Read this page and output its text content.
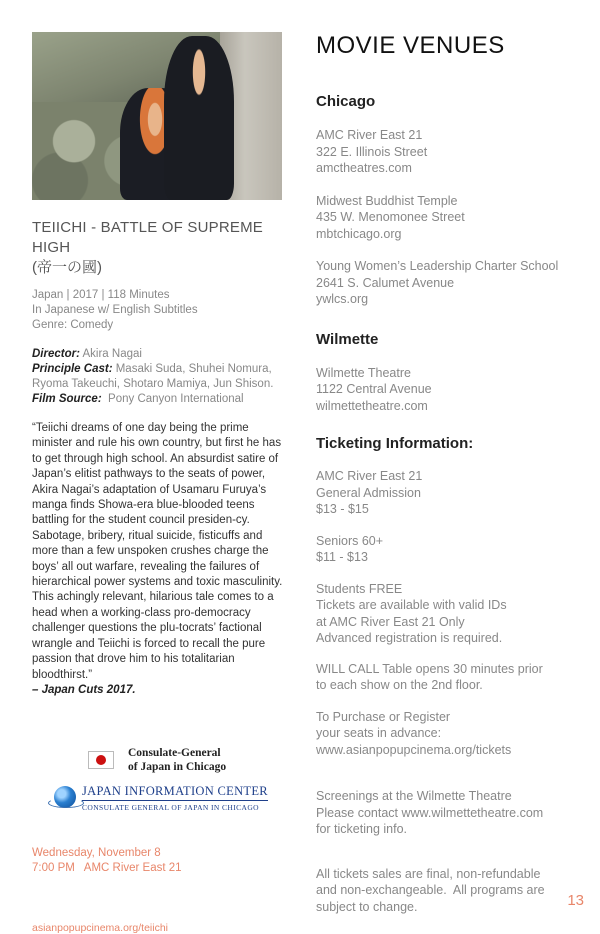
TEIICHI - BATTLE OF SUPREME HIGH
(帝一の國)
Japan | 2017 | 118 Minutes
In Japanese w/ English Subtitles
Genre: Comedy
Director: Akira Nagai
Principle Cast: Masaki Suda, Shuhei Nomura, Ryoma Takeuchi, Shotaro Mamiya, Jun Shison.
Film Source:  Pony Canyon International
“Teiichi dreams of one day being the prime minister and rule his own country, but first he has to get through high school. An absurdist satire of Japan’s elitist pathways to the seats of power, Akira Nagai’s adaptation of Usamaru Furuya’s manga finds Showa-era blue-blooded teens battling for the student council presiden-cy. Sabotage, bribery, ritual suicide, fisticuffs and more than a few unspoken crushes charge the boys’ all out warfare, revealing the failures of hierarchical power systems and toxic masculinity. This achingly relevant, hilarious tale comes to a head when a working-class pro-democracy challenger questions the plu-tocrats’ factional wrangle and Teiichi is forced to recall the pure passion that drove him to his totalitarian bloodthirst.”
– Japan Cuts 2017.
Consulate-General
of Japan in Chicago
JAPAN INFORMATION CENTER
CONSULATE GENERAL OF JAPAN IN CHICAGO
Wednesday, November 8
7:00 PM   AMC River East 21
asianpopupcinema.org/teiichi
MOVIE VENUES
Chicago
AMC River East 21
322 E. Illinois Street
amctheatres.com
Midwest Buddhist Temple
435 W. Menomonee Street
mbtchicago.org
Young Women’s Leadership Charter School
2641 S. Calumet Avenue
ywlcs.org
Wilmette
Wilmette Theatre
1122 Central Avenue
wilmettetheatre.com
Ticketing Information:
AMC River East 21
General Admission
$13 - $15
Seniors 60+
$11 - $13
Students FREE
Tickets are available with valid IDs
at AMC River East 21 Only
Advanced registration is required.
WILL CALL Table opens 30 minutes prior
to each show on the 2nd floor.
To Purchase or Register
your seats in advance:
www.asianpopupcinema.org/tickets
Screenings at the Wilmette Theatre
Please contact www.wilmettetheatre.com
for ticketing info.
All tickets sales are final, non-refundable
and non-exchangeable.  All programs are
subject to change.	13
